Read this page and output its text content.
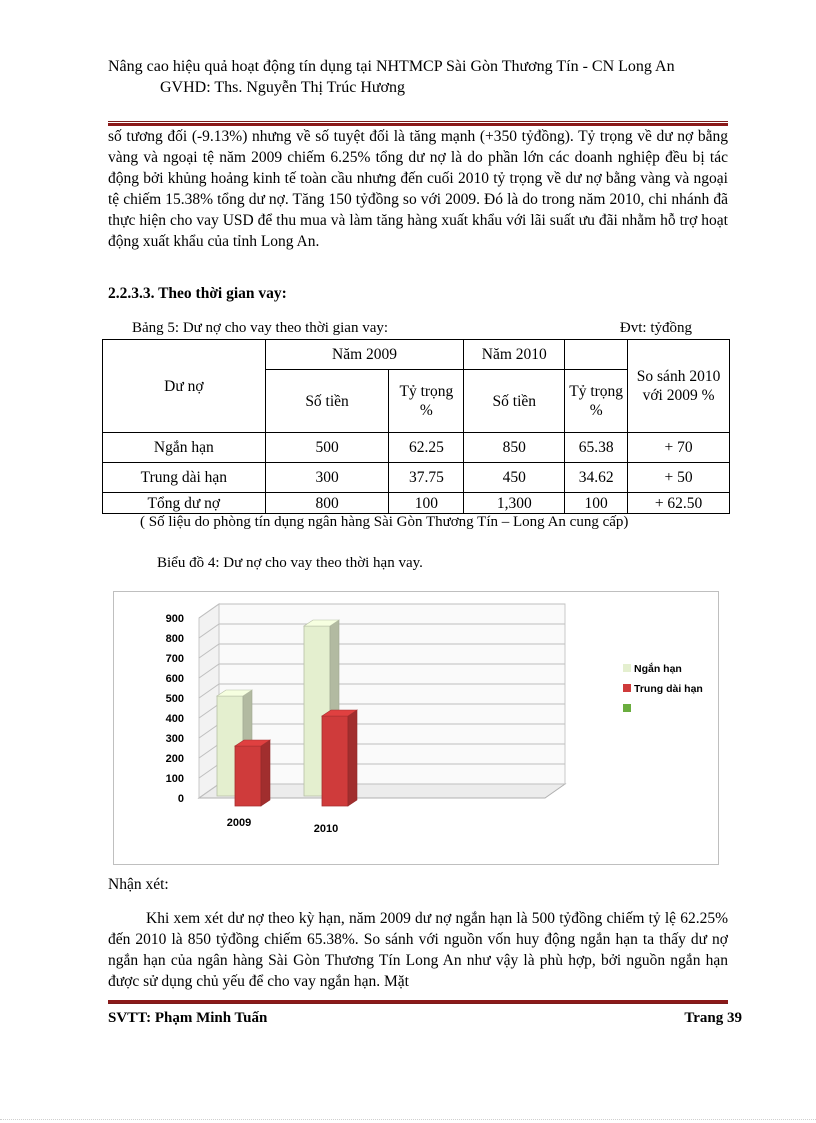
Nâng cao hiệu quả hoạt động tín dụng tại NHTMCP Sài Gòn Thương Tín - CN Long An
GVHD: Ths. Nguyễn Thị Trúc Hương
số tương đối (-9.13%) nhưng về số tuyệt đối là tăng mạnh (+350 tỷđồng). Tỷ trọng về dư nợ bằng vàng và ngoại tệ năm 2009 chiếm 6.25% tổng dư nợ là do phần lớn các doanh nghiệp đều bị tác động bởi khủng hoảng kinh tế toàn cầu nhưng đến cuối 2010 tỷ trọng về dư nợ bằng vàng và ngoại tệ chiếm 15.38% tổng dư nợ. Tăng 150 tỷđồng so với 2009. Đó là do trong năm 2010, chi nhánh đã thực hiện cho vay USD để thu mua và làm tăng hàng xuất khẩu với lãi suất ưu đãi nhằm hỗ trợ hoạt động xuất khẩu của tỉnh Long An.
2.2.3.3. Theo thời gian vay:
Bảng 5: Dư nợ cho vay theo thời gian vay:	Đvt: tỷđồng
Dư nợ	Năm 2009		Năm 2010		So sánh 2010 với 2009 %
	Số tiền	Tỷ trọng %	Số tiền	Tỷ trọng %	
Ngắn hạn	500	62.25	850	65.38	+ 70
Trung dài hạn	300	37.75	450	34.62	+ 50
Tổng dư nợ	800	100	1,300	100	+ 62.50
( Số liệu do phòng tín dụng ngân hàng Sài Gòn Thương Tín – Long An cung cấp)
Biểu đồ 4: Dư nợ cho vay theo thời hạn vay.
0
100
200
300
400
500
600
700
800
900
2009	2010
Ngắn hạn
Trung dài hạn
Nhận xét:
Khi xem xét dư nợ theo kỳ hạn, năm 2009 dư nợ ngắn hạn là 500 tỷđồng chiếm tỷ lệ 62.25% đến 2010 là 850 tỷđồng chiếm 65.38%. So sánh với nguồn vốn huy động ngắn hạn ta thấy dư nợ ngắn hạn của ngân hàng Sài Gòn Thương Tín Long An như vậy là phù hợp, bởi nguồn ngắn hạn được sử dụng chủ yếu để cho vay ngắn hạn. Mặt
SVTT: Phạm Minh Tuấn	Trang 39
